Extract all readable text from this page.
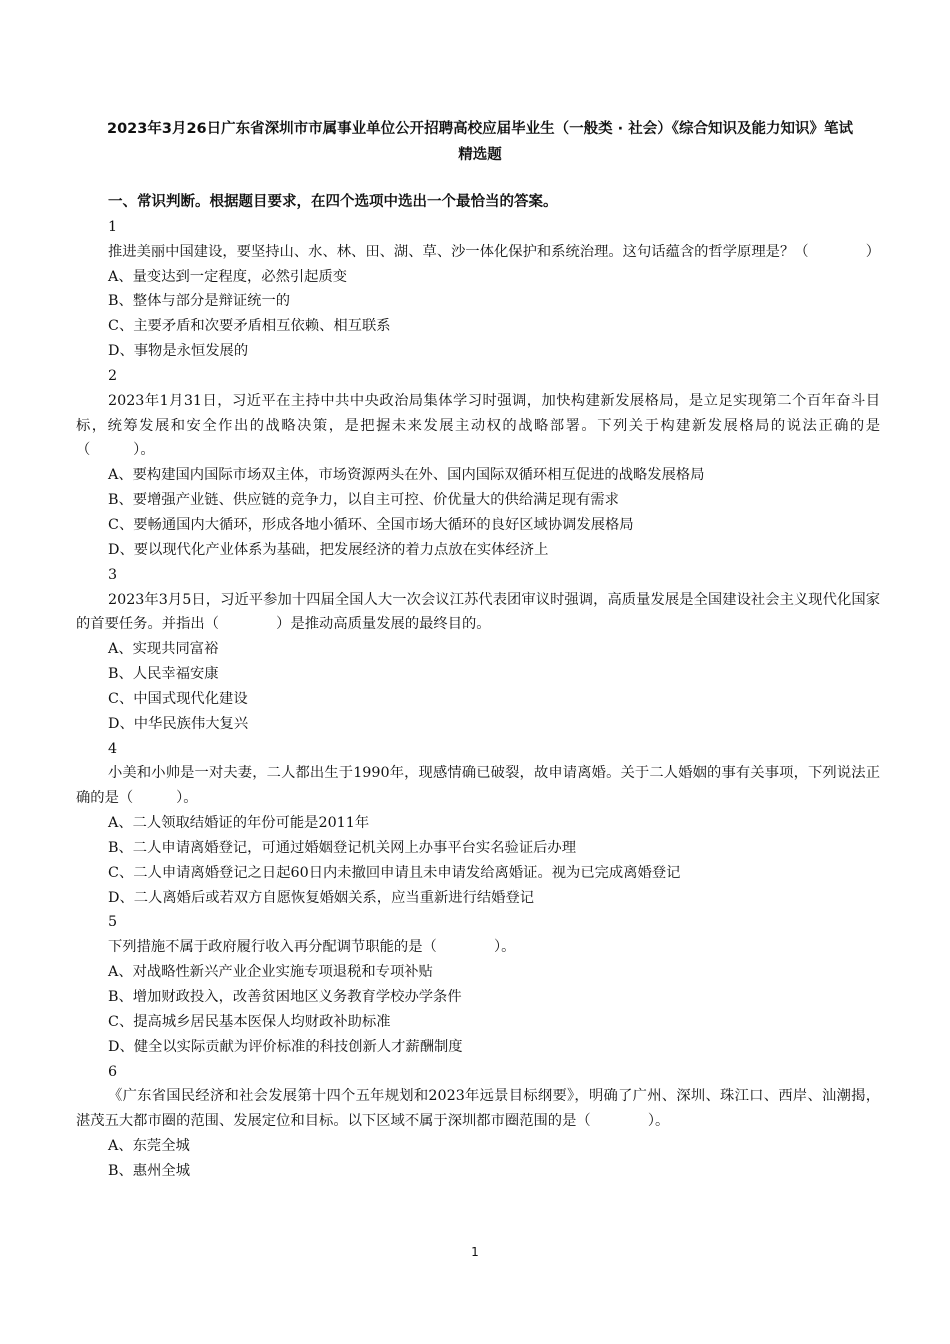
2023年3月26日广东省深圳市市属事业单位公开招聘高校应届毕业生（一般类 · 社会）《综合知识及能力知识》笔试精选题
一、常识判断。根据题目要求，在四个选项中选出一个最恰当的答案。
1
推进美丽中国建设，要坚持山、水、林、田、湖、草、沙一体化保护和系统治理。这句话蕴含的哲学原理是？（　　　　）
A、量变达到一定程度，必然引起质变
B、整体与部分是辩证统一的
C、主要矛盾和次要矛盾相互依赖、相互联系
D、事物是永恒发展的
2
2023年1月31日，习近平在主持中共中央政治局集体学习时强调，加快构建新发展格局，是立足实现第二个百年奋斗目标，统筹发展和安全作出的战略决策，是把握未来发展主动权的战略部署。下列关于构建新发展格局的说法正确的是（　　　）。
A、要构建国内国际市场双主体，市场资源两头在外、国内国际双循环相互促进的战略发展格局
B、要增强产业链、供应链的竞争力，以自主可控、价优量大的供给满足现有需求
C、要畅通国内大循环，形成各地小循环、全国市场大循环的良好区域协调发展格局
D、要以现代化产业体系为基础，把发展经济的着力点放在实体经济上
3
2023年3月5日，习近平参加十四届全国人大一次会议江苏代表团审议时强调，高质量发展是全国建设社会主义现代化国家的首要任务。并指出（　　　　）是推动高质量发展的最终目的。
A、实现共同富裕
B、人民幸福安康
C、中国式现代化建设
D、中华民族伟大复兴
4
小美和小帅是一对夫妻，二人都出生于1990年，现感情确已破裂，故申请离婚。关于二人婚姻的事有关事项，下列说法正确的是（　　　）。
A、二人领取结婚证的年份可能是2011年
B、二人申请离婚登记，可通过婚姻登记机关网上办事平台实名验证后办理
C、二人申请离婚登记之日起60日内未撤回申请且未申请发给离婚证。视为已完成离婚登记
D、二人离婚后或若双方自愿恢复婚姻关系，应当重新进行结婚登记
5
下列措施不属于政府履行收入再分配调节职能的是（　　　　）。
A、对战略性新兴产业企业实施专项退税和专项补贴
B、增加财政投入，改善贫困地区义务教育学校办学条件
C、提高城乡居民基本医保人均财政补助标准
D、健全以实际贡献为评价标准的科技创新人才薪酬制度
6
《广东省国民经济和社会发展第十四个五年规划和2023年远景目标纲要》，明确了广州、深圳、珠江口、西岸、汕潮揭，湛茂五大都市圈的范围、发展定位和目标。以下区域不属于深圳都市圈范围的是（　　　　）。
A、东莞全城
B、惠州全城
1
